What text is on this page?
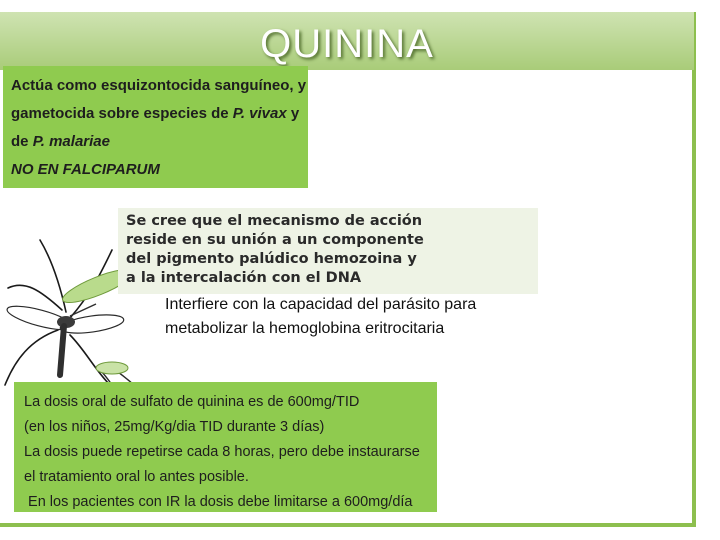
QUININA
Actúa como esquizontocida sanguíneo, y
gametocida sobre especies de P. vivax y
de P. malariae
NO EN FALCIPARUM
Se cree que el mecanismo de acción
reside en su unión a un componente
del pigmento palúdico hemozoina y
a la intercalación con el DNA
Interfiere con la capacidad del parásito para
metabolizar la hemoglobina eritrocitaria
La dosis oral de sulfato de quinina es de 600mg/TID
(en los niños, 25mg/Kg/dia TID durante 3 días)
La dosis puede repetirse cada 8 horas, pero debe instaurarse
el tratamiento oral lo antes posible.
En los pacientes con IR la dosis debe limitarse a 600mg/día
